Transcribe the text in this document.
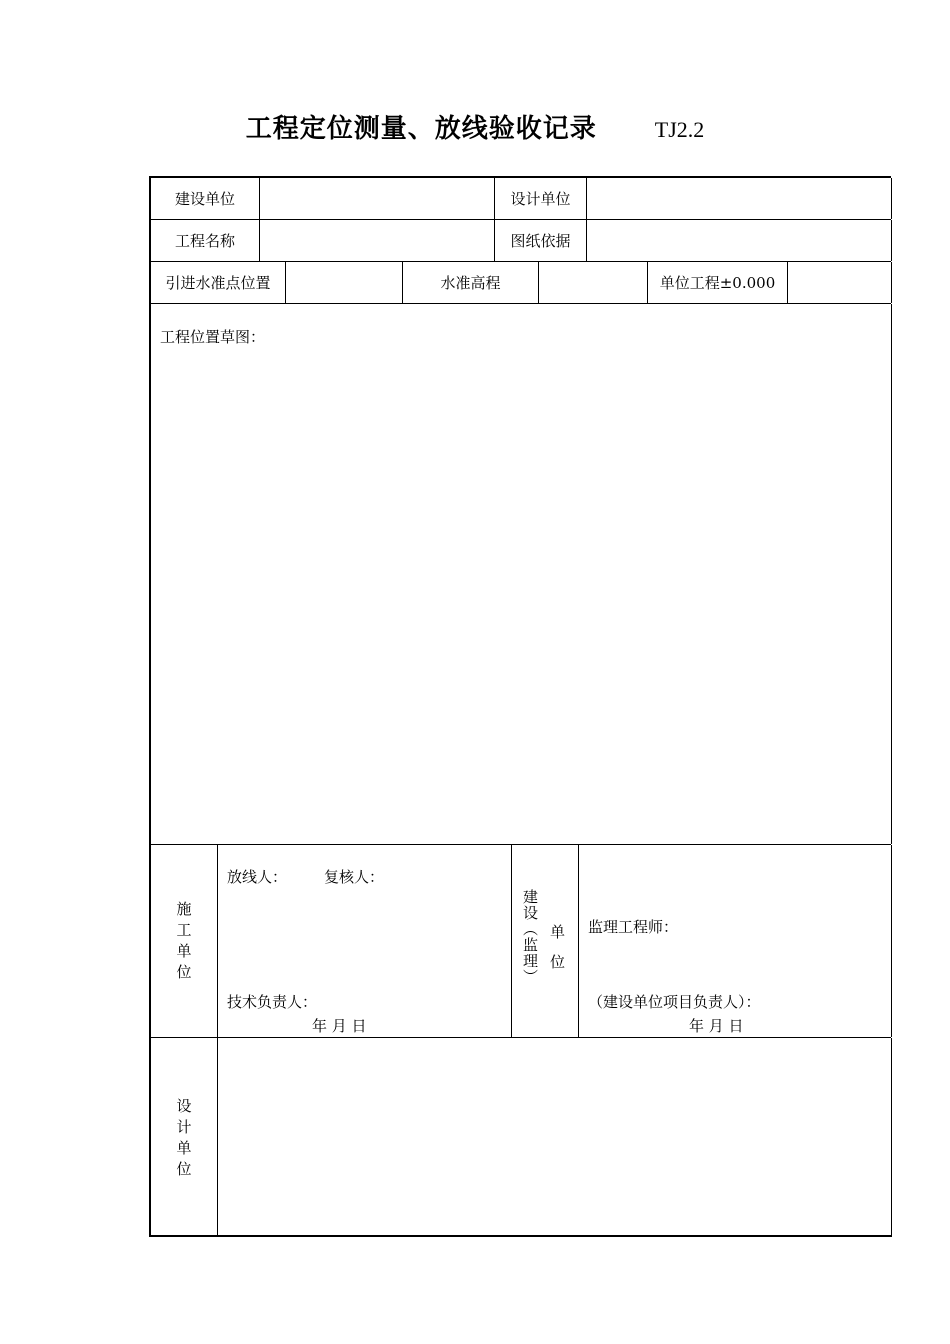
工程定位测量、放线验收记录	TJ2.2
建设单位	设计单位
工程名称	图纸依据
引进水准点位置	水准高程	单位工程±0.000
工程位置草图：
施
工
单
位
放线人： 复核人：
技术负责人：
年 月 日
建
设
︵
监
理
︶
单
位
监理工程师：
（建设单位项目负责人）：
年 月 日
设
计
单
位
